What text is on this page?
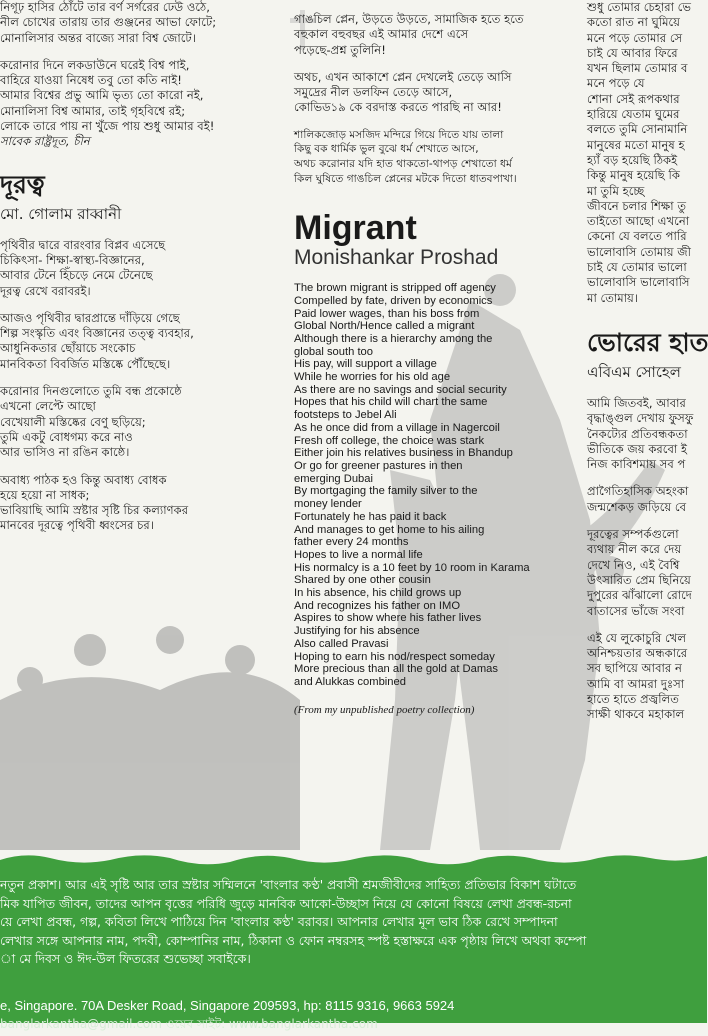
নিগূঢ় হাসির ঠোঁটে তার বর্ণ সর্গরের ঢেউ ওঠে,

নীল চোখের তারায় তার গুঞ্জনের আভা ফোটে;

মোনালিসার অন্তর বাজ্যে সারা বিশ্ব জোটে।

করোনার দিনে লকডাউনে ঘরেই বিশ্ব পাই,

বাহিরে যাওয়া নিষেধ তবু তো কতি নাই!

আমার বিশ্বের প্রভু আমি ভৃত্য তো কারো নই,

মোনালিসা বিশ্ব আমার, তাই গৃহবিশ্বে রই;

লোকে তারে পায় না খুঁজে পায় শুধু আমার বই!

সাবেক রাষ্ট্রদূত, চীন

দূরত্ব
মো. গোলাম রাব্বানী

পৃথিবীর দ্বারে বারংবার বিপ্লব এসেছে

চিকিৎসা- শিক্ষা-স্বাস্থ্য-বিজ্ঞানের,

আবার টেনে হিঁচড়ে নেমে টেনেছে

দূরত্ব রেখে বরাবরই।

আজও পৃথিবীর দ্বারপ্রান্তে দাঁড়িয়ে গেছে

শিল্প সংস্কৃতি এবং বিজ্ঞানের তত্ত্ব ব্যবহার,

আধুনিকতার ছোঁয়াচে সংকোচ

মানবিকতা বিবর্জিত মস্তিষ্কে পৌঁছেছে।

করোনার দিনগুলোতে তুমি বন্ধ প্রকোষ্ঠে

এখনো লেপ্টে আছো

বেখেয়ালী মস্তিষ্কের বেণু ছড়িয়ে;

তুমি একটু বোধগম্য করে নাও

আর ভাসিও না রঙিন কাষ্ঠে।

অবাধ্য পাঠক হও কিন্তু অবাধ্য বোধক

হয়ে হয়ো না সাধক;

ভাবিয়াছি আমি স্রষ্টার সৃষ্টি চির কল্যাণকর

মানবের দূরত্বে পৃথিবী ধ্বংসের চর।

গাঙচিল প্লেন, উড়তে উড়তে, সামাজিক হতে হতে

বহুকাল বহুবছর এই আমার দেশে এসে

পড়েছে-প্রশ্ন তুলিনি!

অথচ, এখন আকাশে প্লেন দেখলেই তেড়ে আসি

সমুদ্রের নীল ডলফিন তেড়ে আসে,

কোভিড১৯ কে বরদাস্ত করতে পারছি না আর!

শালিকজোড় মসজিদ মন্দিরে গিয়ে দিতে যায় তালা

কিছু বক ধার্মিক ভুল বুঝে ধর্ম শেখাতে আসে,

অথচ করোনার যদি হাত থাকতো-থাপড় শেখাতো ধর্ম

কিল ঘুষিতে গাঙচিল প্লেনের মটকে দিতো ধাতবপাখা।

Migrant
Monishankar Proshad

The brown migrant is stripped off agency

Compelled by fate, driven by economics

Paid lower wages, than his boss from

Global North/Hence called a migrant

Although there is a hierarchy among the

global south too

His pay, will support a village

While he worries for his old age

As there are no savings and social security

Hopes that his child will chart the same

footsteps to Jebel Ali

As he once did from a village in Nagercoil

Fresh off college, the choice was stark

Either join his relatives business in Bhandup

Or go for greener pastures in then

emerging Dubai

By mortgaging the family silver to the

money lender

Fortunately he has paid it back

And manages to get home to his ailing

father every 24 months

Hopes to live a normal life

His normalcy is a 10 feet by 10 room in Karama

Shared by one other cousin

In his absence, his child grows up

And recognizes his father on IMO

Aspires to show where his father lives

Justifying for his absence

Also called Pravasi

Hoping to earn his nod/respect someday

More precious than all the gold at Damas

and Alukkas combined

(From my unpublished poetry collection)

শুধু তোমার চেহারা ভে

কতো রাত না ঘুমিয়ে

মনে পড়ে তোমার সে

চাই যে আবার ফিরে

যখন ছিলাম তোমার ব

মনে পড়ে যে

শোনা সেই রূপকথার

হারিয়ে যেতাম ঘুমের

বলতে তুমি সোনামানি

মানুষের মতো মানুষ হ

হ্যাঁ বড় হয়েছি ঠিকই

কিন্তু মানুষ হয়েছি কি

মা তুমি হচ্ছে

জীবনে চলার শিক্ষা তু

তাইতো আছো এখনো

কেনো যে বলতে পারি

ভালোবাসি তোমায় জী

চাই যে তোমার ভালো

ভালোবাসি ভালোবাসি

মা তোমায়।

ভোরের হাত
এবিএম সোহেল

আমি জিতবই, আবার

বৃদ্ধাঙ্গুল দেখায় ফুসফু

নৈকট্যের প্রতিবন্ধকতা

ভীতিকে জয় করবো ই

নিজ কাবিশমায় সব প

প্রাগৈতিহাসিক অহংকা

জন্মশেকড় জড়িয়ে বে

দূরত্বের সম্পর্কগুলো

ব্যথায় নীল করে দেয়

দেখে নিও, এই বৈশ্বি

উৎসারিত প্রেম ছিনিয়ে

দুপুরের ঝাঁঝালো রোদে

বাতাসের ভাঁজে সংবা

এই যে লুকোচুরি খেল

অনিশ্চয়তার অন্ধকারে

সব ছাপিয়ে আবার ন

আমি বা আমরা দুঃসা

হাতে হাতে প্রজ্বলিত

সাক্ষী থাকবে মহাকাল

নতুন প্রকাশ। আর এই সৃষ্টি আর তার স্রষ্টার সম্মিলনে 'বাংলার কণ্ঠ' প্রবাসী শ্রমজীবীদের সাহিত্য প্রতিভার বিকাশ ঘটাতে

মিক যাপিত জীবন, তাদের আপন বৃত্তের পরিধি জুড়ে মানবিক আকো-উচ্ছাস নিয়ে যে কোনো বিষয়ে লেখা প্রবন্ধ-রচনা

য়ে লেখা প্রবন্ধ, গল্প, কবিতা লিখে পাঠিয়ে দিন 'বাংলার কণ্ঠ' বরাবর। আপনার লেখার মূল ভাব ঠিক রেখে সম্পাদনা

লেখার সঙ্গে আপনার নাম, পদবী, কোম্পানির নাম, ঠিকানা ও ফোন নম্বরসহ স্পষ্ট হস্তাক্ষরে এক পৃষ্ঠায় লিখে অথবা কম্পো

া মে দিবস ও ঈদ-উল ফিতরের শুভেচ্ছা সবাইকে।

e, Singapore. 70A Desker Road, Singapore 209593, hp: 8115 9316, 9663 5924
banglarkantha@gmail.com ওয়েব সাইট: www.banglarkantha.com
